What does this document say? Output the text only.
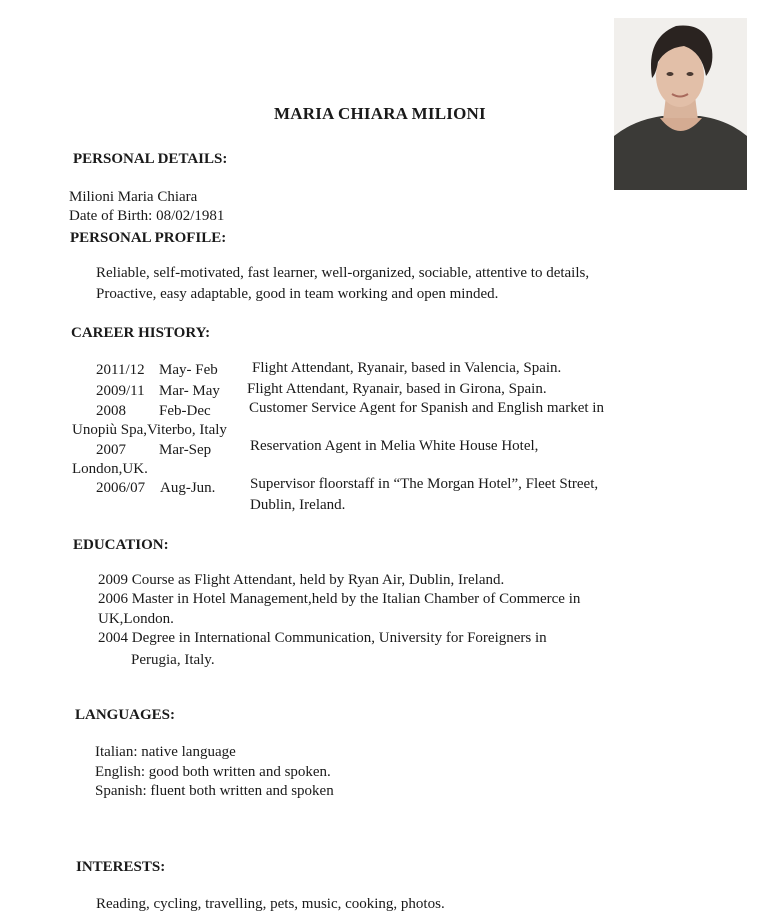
MARIA CHIARA MILIONI
PERSONAL DETAILS:
Milioni Maria Chiara
Date of Birth: 08/02/1981
PERSONAL PROFILE:
Reliable, self-motivated, fast learner, well-organized, sociable, attentive to details,
Proactive, easy adaptable, good in team working and open minded.
CAREER HISTORY:
2011/12 May- Feb Flight Attendant, Ryanair, based in Valencia, Spain.
2009/11 Mar- May Flight Attendant, Ryanair, based in Girona, Spain.
2008 Feb-Dec	Customer Service Agent for Spanish and English market in
Unopiù Spa,Viterbo, Italy
2007 Mar-Sep	Reservation Agent in Melia White House Hotel,
London,UK.
2006/07 Aug-Jun. Supervisor floorstaff in “The Morgan Hotel”, Fleet Street,
Dublin, Ireland.
EDUCATION:
2009 Course as Flight Attendant, held by Ryan Air, Dublin, Ireland.
2006 Master in Hotel Management,held by the Italian Chamber of Commerce in
UK,London.
2004 Degree in International Communication, University for Foreigners in
Perugia, Italy.
LANGUAGES:
Italian: native language
English: good both written and spoken.
Spanish: fluent both written and spoken
INTERESTS:
Reading, cycling, travelling, pets, music, cooking, photos.
